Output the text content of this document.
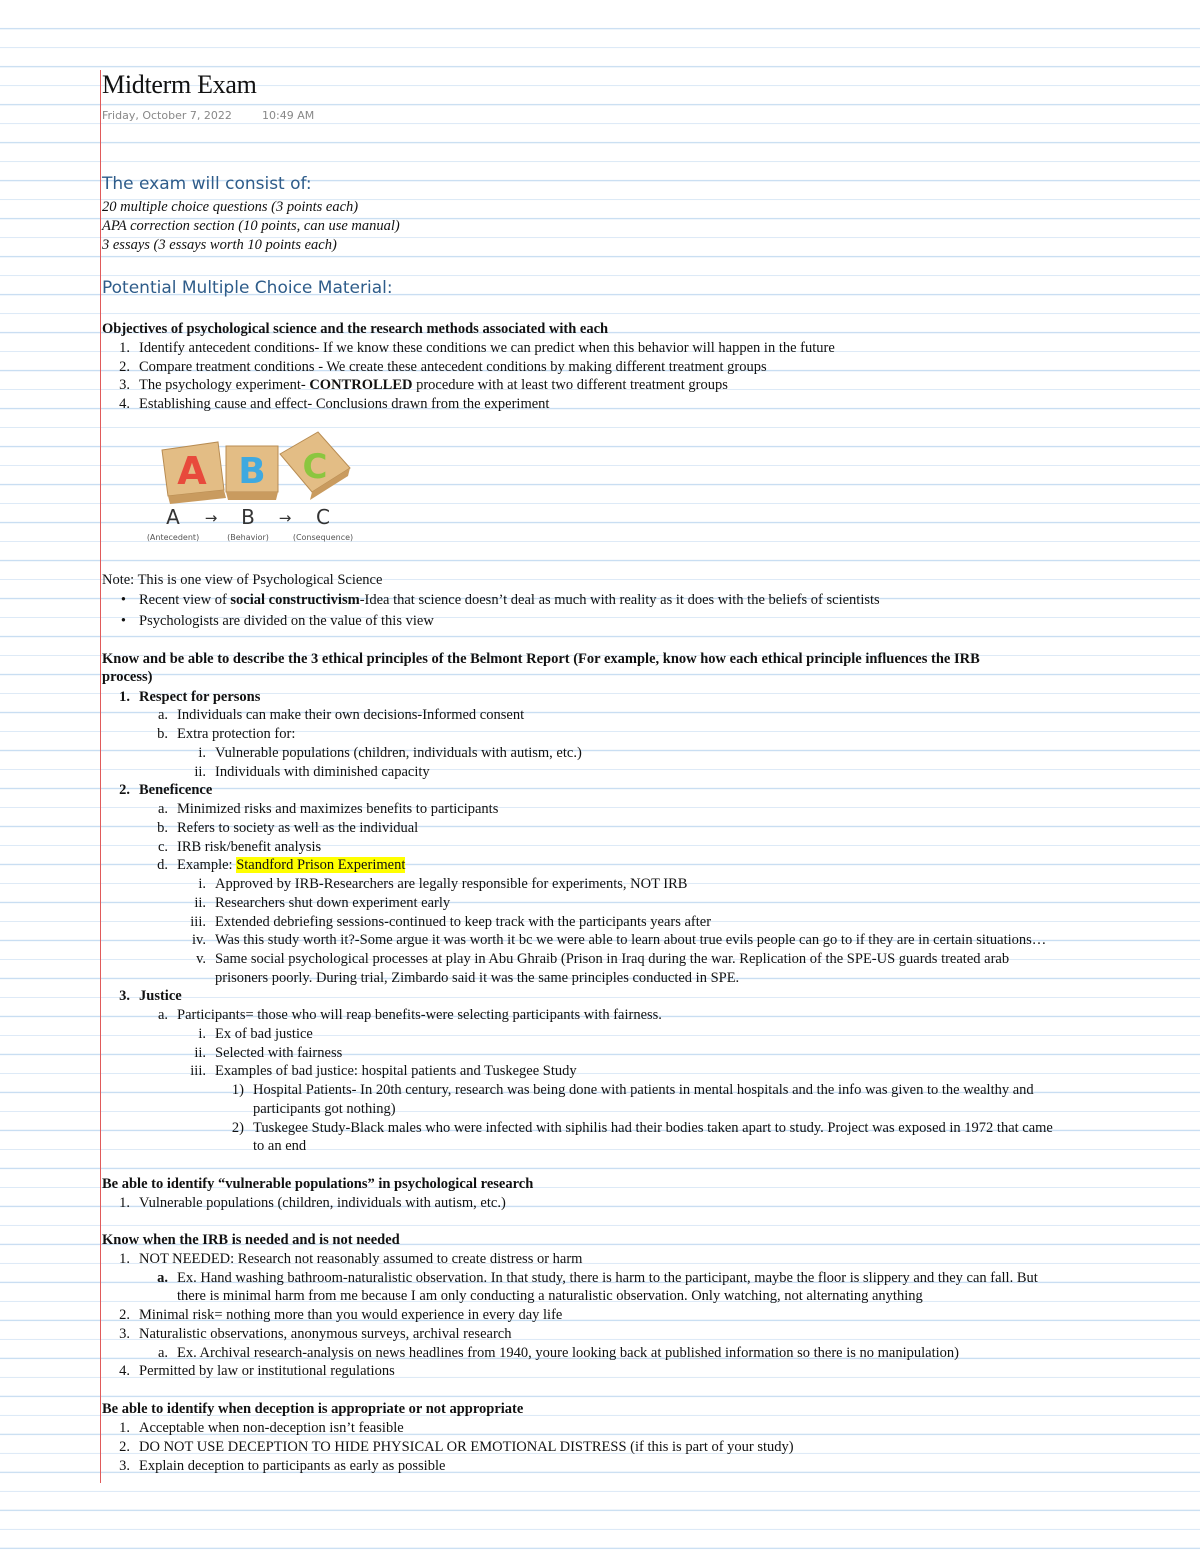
Midterm Exam
Friday, October 7, 2022	10:49 AM
The exam will consist of:
20 multiple choice questions (3 points each)
APA correction section (10 points, can use manual)
3 essays (3 essays worth 10 points each)
Potential Multiple Choice Material:
Objectives of psychological science and the research methods associated with each
1. Identify antecedent conditions- If we know these conditions we can predict when this behavior will happen in the future
2. Compare treatment conditions - We create these antecedent conditions by making different treatment groups
3. The psychology experiment- CONTROLLED procedure with at least two different treatment groups
4. Establishing cause and effect- Conclusions drawn from the experiment
A B C
A → B → C
(Antecedent)	(Behavior)	(Consequence)
Note: This is one view of Psychological Science
• Recent view of social constructivism-Idea that science doesn’t deal as much with reality as it does with the beliefs of scientists
• Psychologists are divided on the value of this view
Know and be able to describe the 3 ethical principles of the Belmont Report (For example, know how each ethical principle influences the IRB
process)
1. Respect for persons
a. Individuals can make their own decisions-Informed consent
b. Extra protection for:
i. Vulnerable populations (children, individuals with autism, etc.)
ii. Individuals with diminished capacity
2. Beneficence
a. Minimized risks and maximizes benefits to participants
b. Refers to society as well as the individual
c. IRB risk/benefit analysis
d. Example: Standford Prison Experiment
i. Approved by IRB-Researchers are legally responsible for experiments, NOT IRB
ii. Researchers shut down experiment early
iii. Extended debriefing sessions-continued to keep track with the participants years after
iv. Was this study worth it?-Some argue it was worth it bc we were able to learn about true evils people can go to if they are in certain situations…
v. Same social psychological processes at play in Abu Ghraib (Prison in Iraq during the war. Replication of the SPE-US guards treated arab
prisoners poorly. During trial, Zimbardo said it was the same principles conducted in SPE.
3. Justice
a. Participants= those who will reap benefits-were selecting participants with fairness.
i. Ex of bad justice
ii. Selected with fairness
iii. Examples of bad justice: hospital patients and Tuskegee Study
1) Hospital Patients- In 20th century, research was being done with patients in mental hospitals and the info was given to the wealthy and
participants got nothing)
2) Tuskegee Study-Black males who were infected with siphilis had their bodies taken apart to study. Project was exposed in 1972 that came
to an end
Be able to identify “vulnerable populations” in psychological research
1. Vulnerable populations (children, individuals with autism, etc.)
Know when the IRB is needed and is not needed
1. NOT NEEDED: Research not reasonably assumed to create distress or harm
a. Ex. Hand washing bathroom-naturalistic observation. In that study, there is harm to the participant, maybe the floor is slippery and they can fall. But
there is minimal harm from me because I am only conducting a naturalistic observation. Only watching, not alternating anything
2. Minimal risk= nothing more than you would experience in every day life
3. Naturalistic observations, anonymous surveys, archival research
a. Ex. Archival research-analysis on news headlines from 1940, youre looking back at published information so there is no manipulation)
4. Permitted by law or institutional regulations
Be able to identify when deception is appropriate or not appropriate
1. Acceptable when non-deception isn’t feasible
2. DO NOT USE DECEPTION TO HIDE PHYSICAL OR EMOTIONAL DISTRESS (if this is part of your study)
3. Explain deception to participants as early as possible
